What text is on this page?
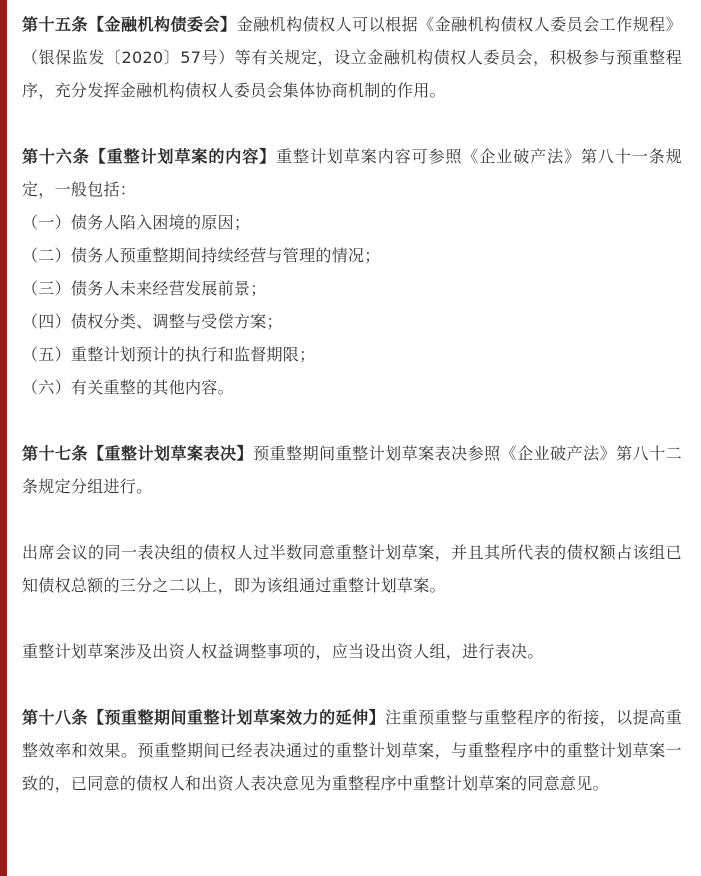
第十五条【金融机构债委会】金融机构债权人可以根据《金融机构债权人委员会工作规程》（银保监发〔2020〕57号）等有关规定，设立金融机构债权人委员会，积极参与预重整程序，充分发挥金融机构债权人委员会集体协商机制的作用。

第十六条【重整计划草案的内容】重整计划草案内容可参照《企业破产法》第八十一条规定，一般包括：

（一）债务人陷入困境的原因；

（二）债务人预重整期间持续经营与管理的情况；

（三）债务人未来经营发展前景；

（四）债权分类、调整与受偿方案；

（五）重整计划预计的执行和监督期限；

（六）有关重整的其他内容。

第十七条【重整计划草案表决】预重整期间重整计划草案表决参照《企业破产法》第八十二条规定分组进行。

出席会议的同一表决组的债权人过半数同意重整计划草案，并且其所代表的债权额占该组已知债权总额的三分之二以上，即为该组通过重整计划草案。

重整计划草案涉及出资人权益调整事项的，应当设出资人组，进行表决。

第十八条【预重整期间重整计划草案效力的延伸】注重预重整与重整程序的衔接，以提高重整效率和效果。预重整期间已经表决通过的重整计划草案，与重整程序中的重整计划草案一致的，已同意的债权人和出资人表决意见为重整程序中重整计划草案的同意意见。
